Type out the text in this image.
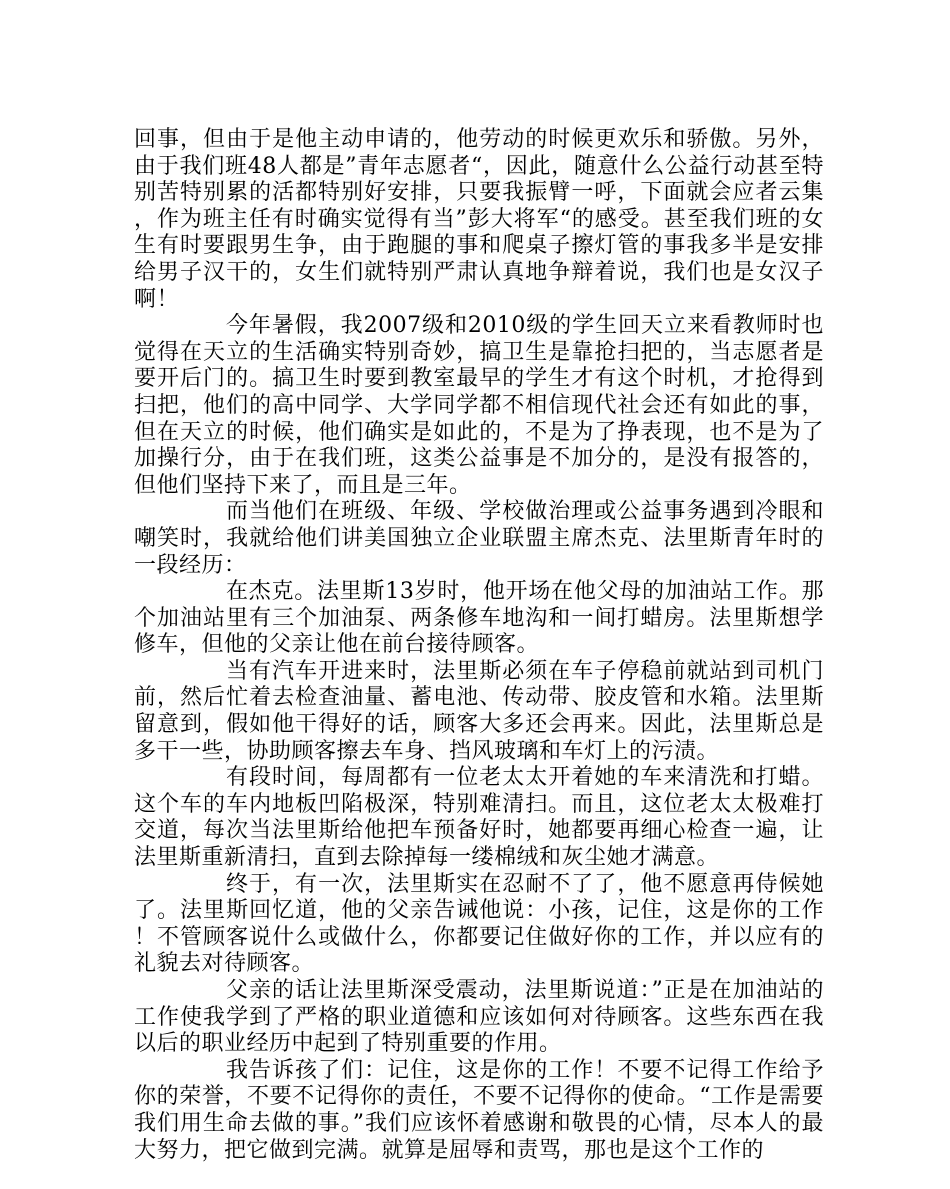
回事，但由于是他主动申请的，他劳动的时候更欢乐和骄傲。另外，由于我们班48人都是”青年志愿者“，因此，随意什么公益行动甚至特别苦特别累的活都特别好安排，只要我振臂一呼，下面就会应者云集，作为班主任有时确实觉得有当”彭大将军“的感受。甚至我们班的女生有时要跟男生争，由于跑腿的事和爬桌子擦灯管的事我多半是安排给男子汉干的，女生们就特别严肃认真地争辩着说，我们也是女汉子啊！

今年暑假，我2007级和2010级的学生回天立来看教师时也觉得在天立的生活确实特别奇妙，搞卫生是靠抢扫把的，当志愿者是要开后门的。搞卫生时要到教室最早的学生才有这个时机，才抢得到扫把，他们的高中同学、大学同学都不相信现代社会还有如此的事，但在天立的时候，他们确实是如此的，不是为了挣表现，也不是为了加操行分，由于在我们班，这类公益事是不加分的，是没有报答的，但他们坚持下来了，而且是三年。

而当他们在班级、年级、学校做治理或公益事务遇到冷眼和嘲笑时，我就给他们讲美国独立企业联盟主席杰克、法里斯青年时的一段经历：

在杰克。法里斯13岁时，他开场在他父母的加油站工作。那个加油站里有三个加油泵、两条修车地沟和一间打蜡房。法里斯想学修车，但他的父亲让他在前台接待顾客。

当有汽车开进来时，法里斯必须在车子停稳前就站到司机门前，然后忙着去检查油量、蓄电池、传动带、胶皮管和水箱。法里斯留意到，假如他干得好的话，顾客大多还会再来。因此，法里斯总是多干一些，协助顾客擦去车身、挡风玻璃和车灯上的污渍。

有段时间，每周都有一位老太太开着她的车来清洗和打蜡。这个车的车内地板凹陷极深，特别难清扫。而且，这位老太太极难打交道，每次当法里斯给他把车预备好时，她都要再细心检查一遍，让法里斯重新清扫，直到去除掉每一缕棉绒和灰尘她才满意。

终于，有一次，法里斯实在忍耐不了了，他不愿意再侍候她了。法里斯回忆道，他的父亲告诫他说：小孩，记住，这是你的工作！不管顾客说什么或做什么，你都要记住做好你的工作，并以应有的礼貌去对待顾客。

父亲的话让法里斯深受震动，法里斯说道：”正是在加油站的工作使我学到了严格的职业道德和应该如何对待顾客。这些东西在我以后的职业经历中起到了特别重要的作用。

我告诉孩了们：记住，这是你的工作！不要不记得工作给予你的荣誉，不要不记得你的责任，不要不记得你的使命。“工作是需要我们用生命去做的事。”我们应该怀着感谢和敬畏的心情，尽本人的最大努力，把它做到完满。就算是屈辱和责骂，那也是这个工作的
